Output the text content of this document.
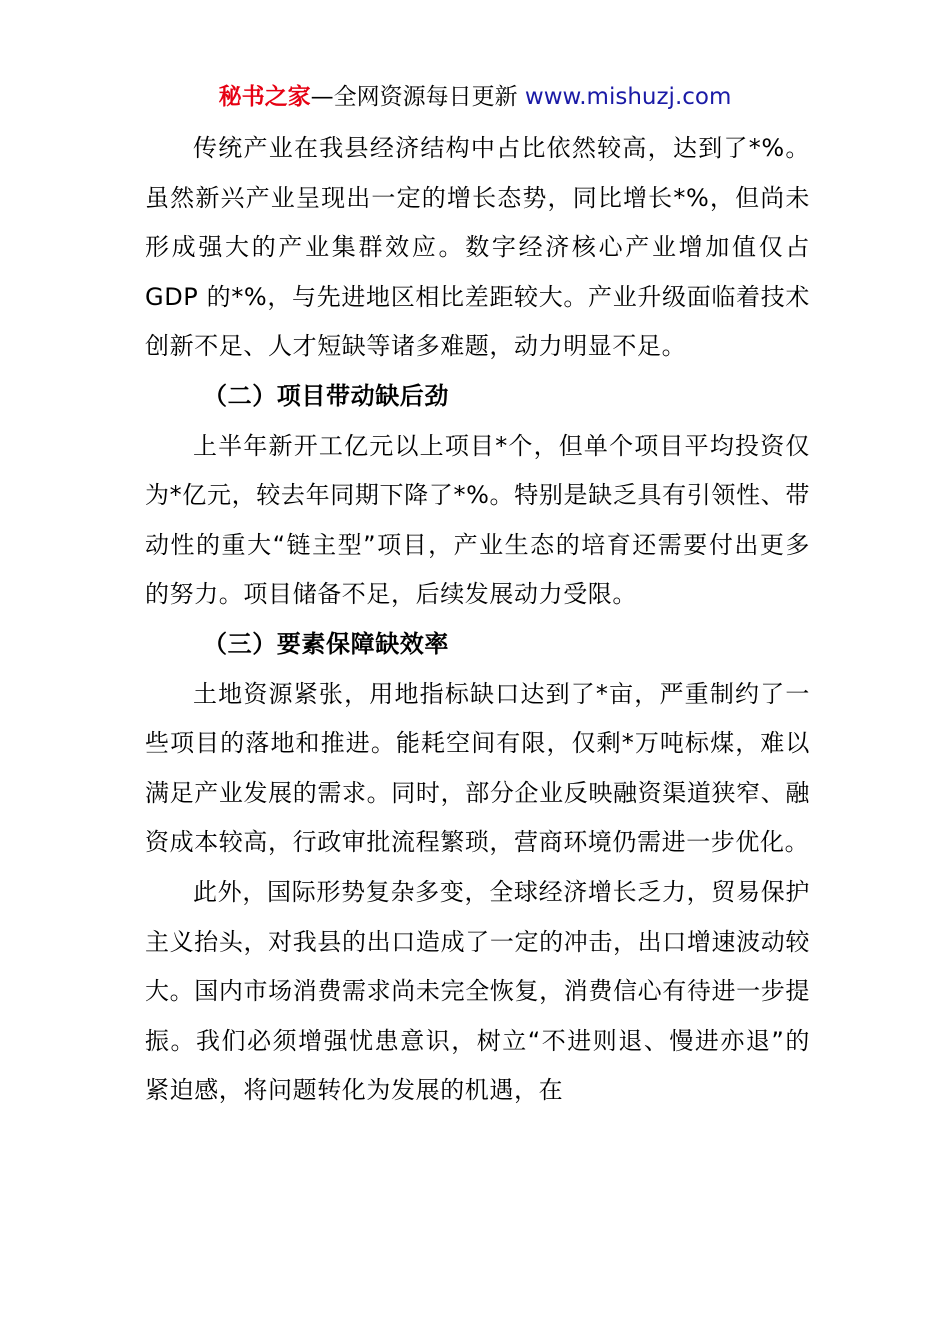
秘书之家—全网资源每日更新 www.mishuzj.com

传统产业在我县经济结构中占比依然较高，达到了*%。虽然新兴产业呈现出一定的增长态势，同比增长*%，但尚未形成强大的产业集群效应。数字经济核心产业增加值仅占 GDP 的*%，与先进地区相比差距较大。产业升级面临着技术创新不足、人才短缺等诸多难题，动力明显不足。

（二）项目带动缺后劲

上半年新开工亿元以上项目*个，但单个项目平均投资仅为*亿元，较去年同期下降了*%。特别是缺乏具有引领性、带动性的重大“链主型”项目，产业生态的培育还需要付出更多的努力。项目储备不足，后续发展动力受限。

（三）要素保障缺效率

土地资源紧张，用地指标缺口达到了*亩，严重制约了一些项目的落地和推进。能耗空间有限，仅剩*万吨标煤，难以满足产业发展的需求。同时，部分企业反映融资渠道狭窄、融资成本较高，行政审批流程繁琐，营商环境仍需进一步优化。

此外，国际形势复杂多变，全球经济增长乏力，贸易保护主义抬头，对我县的出口造成了一定的冲击，出口增速波动较大。国内市场消费需求尚未完全恢复，消费信心有待进一步提振。我们必须增强忧患意识，树立“不进则退、慢进亦退”的紧迫感，将问题转化为发展的机遇，在
